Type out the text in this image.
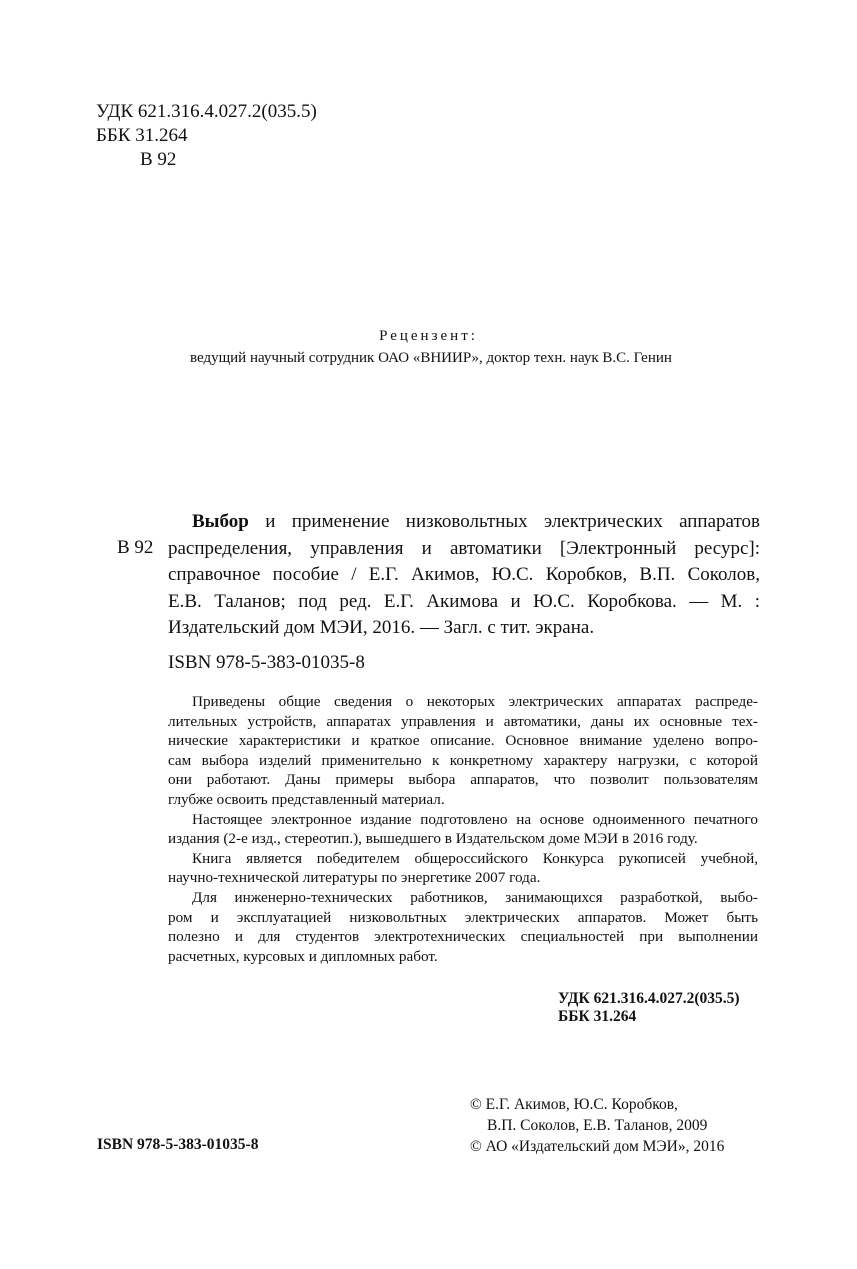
УДК 621.316.4.027.2(035.5)
ББК 31.264
В 92
Рецензент:
ведущий научный сотрудник ОАО «ВНИИР», доктор техн. наук В.С. Генин
В 92
Выбор и применение низковольтных электрических аппаратов
распределения, управления и автоматики [Электронный ресурс]:
справочное пособие / Е.Г. Акимов, Ю.С. Коробков, В.П. Соколов,
Е.В. Таланов; под ред. Е.Г. Акимова и Ю.С. Коробкова. — М. :
Издательский дом МЭИ, 2016. — Загл. с тит. экрана.
ISBN 978-5-383-01035-8
Приведены общие сведения о некоторых электрических аппаратах распреде-
лительных устройств, аппаратах управления и автоматики, даны их основные тех-
нические характеристики и краткое описание. Основное внимание уделено вопро-
сам выбора изделий применительно к конкретному характеру нагрузки, с которой
они работают. Даны примеры выбора аппаратов, что позволит пользователям
глубже освоить представленный материал.
Настоящее электронное издание подготовлено на основе одноименного печатного
издания (2-е изд., стереотип.), вышедшего в Издательском доме МЭИ в 2016 году.
Книга является победителем общероссийского Конкурса рукописей учебной,
научно-технической литературы по энергетике 2007 года.
Для инженерно-технических работников, занимающихся разработкой, выбо-
ром и эксплуатацией низковольтных электрических аппаратов. Может быть
полезно и для студентов электротехнических специальностей при выполнении
расчетных, курсовых и дипломных работ.
УДК 621.316.4.027.2(035.5)
ББК 31.264
© Е.Г. Акимов, Ю.С. Коробков,
В.П. Соколов, Е.В. Таланов, 2009
© АО «Издательский дом МЭИ», 2016
ISBN 978-5-383-01035-8
